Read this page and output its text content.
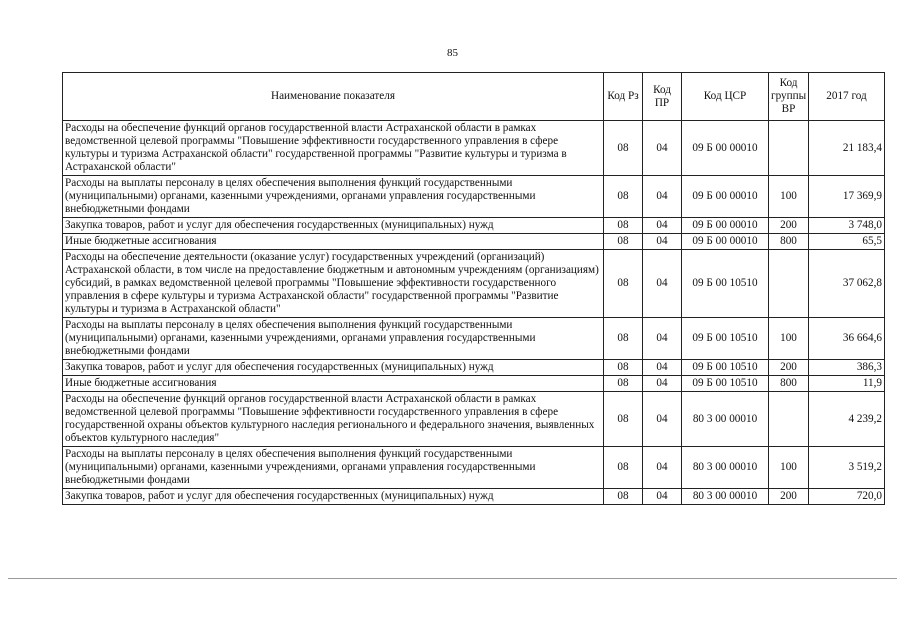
85
Наименование показателя	Код Рз	Код ПР	Код ЦСР	Код группы ВР	2017 год
Расходы на обеспечение функций органов государственной власти Астраханской области в рамках ведомственной целевой программы "Повышение эффективности государственного управления в сфере культуры и туризма Астраханской области" государственной программы "Развитие культуры и туризма в Астраханской области"	08	04	09 Б 00 00010		21 183,4
Расходы на выплаты персоналу в целях обеспечения выполнения функций государственными (муниципальными) органами, казенными учреждениями, органами управления государственными внебюджетными фондами	08	04	09 Б 00 00010	100	17 369,9
Закупка товаров, работ и услуг для обеспечения государственных (муниципальных) нужд	08	04	09 Б 00 00010	200	3 748,0
Иные бюджетные ассигнования	08	04	09 Б 00 00010	800	65,5
Расходы на обеспечение деятельности (оказание услуг) государственных учреждений (организаций) Астраханской области, в том числе на предоставление бюджетным и автономным учреждениям (организациям) субсидий, в рамках ведомственной целевой программы "Повышение эффективности государственного управления в сфере культуры и туризма Астраханской области" государственной программы "Развитие культуры и туризма в Астраханской области"	08	04	09 Б 00 10510		37 062,8
Расходы на выплаты персоналу в целях обеспечения выполнения функций государственными (муниципальными) органами, казенными учреждениями, органами управления государственными внебюджетными фондами	08	04	09 Б 00 10510	100	36 664,6
Закупка товаров, работ и услуг для обеспечения государственных (муниципальных) нужд	08	04	09 Б 00 10510	200	386,3
Иные бюджетные ассигнования	08	04	09 Б 00 10510	800	11,9
Расходы на обеспечение функций органов государственной власти Астраханской области в рамках ведомственной целевой программы "Повышение эффективности государственного управления в сфере государственной охраны объектов культурного наследия регионального и федерального значения, выявленных объектов культурного наследия"	08	04	80 3 00 00010		4 239,2
Расходы на выплаты персоналу в целях обеспечения выполнения функций государственными (муниципальными) органами, казенными учреждениями, органами управления государственными внебюджетными фондами	08	04	80 3 00 00010	100	3 519,2
Закупка товаров, работ и услуг для обеспечения государственных (муниципальных) нужд	08	04	80 3 00 00010	200	720,0
